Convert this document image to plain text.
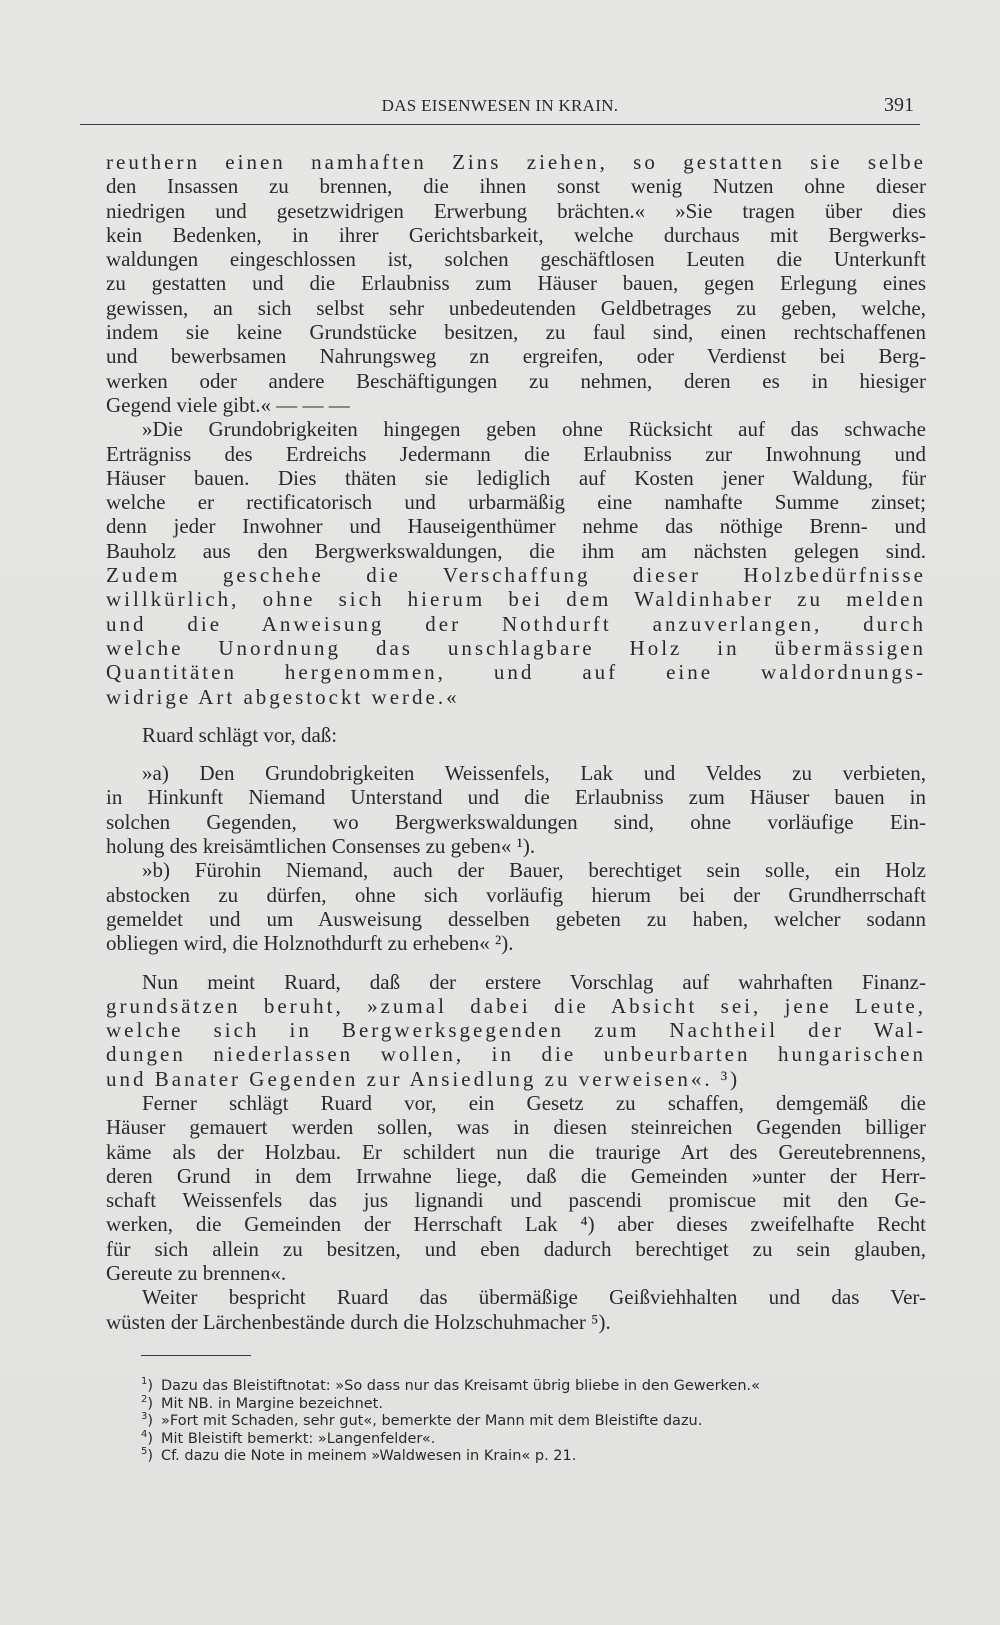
DAS EISENWESEN IN KRAIN.	391
reuthern einen namhaften Zins ziehen, so gestatten sie selbe
den Insassen zu brennen, die ihnen sonst wenig Nutzen ohne dieser
niedrigen und gesetzwidrigen Erwerbung brächten.« »Sie tragen über dies
kein Bedenken, in ihrer Gerichtsbarkeit, welche durchaus mit Bergwerks-
waldungen eingeschlossen ist, solchen geschäftlosen Leuten die Unterkunft
zu gestatten und die Erlaubniss zum Häuser bauen, gegen Erlegung eines
gewissen, an sich selbst sehr unbedeutenden Geldbetrages zu geben, welche,
indem sie keine Grundstücke besitzen, zu faul sind, einen rechtschaffenen
und bewerbsamen Nahrungsweg zn ergreifen, oder Verdienst bei Berg-
werken oder andere Beschäftigungen zu nehmen, deren es in hiesiger
Gegend viele gibt.« — — —
»Die Grundobrigkeiten hingegen geben ohne Rücksicht auf das schwache
Erträgniss des Erdreichs Jedermann die Erlaubniss zur Inwohnung und
Häuser bauen. Dies thäten sie lediglich auf Kosten jener Waldung, für
welche er rectificatorisch und urbarmäßig eine namhafte Summe zinset;
denn jeder Inwohner und Hauseigenthümer nehme das nöthige Brenn- und
Bauholz aus den Bergwerkswaldungen, die ihm am nächsten gelegen sind.
Zudem geschehe die Verschaffung dieser Holzbedürfnisse
willkürlich, ohne sich hierum bei dem Waldinhaber zu melden
und die Anweisung der Nothdurft anzuverlangen, durch
welche Unordnung das unschlagbare Holz in übermässigen
Quantitäten hergenommen, und auf eine waldordnungs-
widrige Art abgestockt werde.«
Ruard schlägt vor, daß:
»a) Den Grundobrigkeiten Weissenfels, Lak und Veldes zu verbieten,
in Hinkunft Niemand Unterstand und die Erlaubniss zum Häuser bauen in
solchen Gegenden, wo Bergwerkswaldungen sind, ohne vorläufige Ein-
holung des kreisämtlichen Consenses zu geben« ¹).
»b) Fürohin Niemand, auch der Bauer, berechtiget sein solle, ein Holz
abstocken zu dürfen, ohne sich vorläufig hierum bei der Grundherrschaft
gemeldet und um Ausweisung desselben gebeten zu haben, welcher sodann
obliegen wird, die Holznothdurft zu erheben« ²).
Nun meint Ruard, daß der erstere Vorschlag auf wahrhaften Finanz-
grundsätzen beruht, »zumal dabei die Absicht sei, jene Leute,
welche sich in Bergwerksgegenden zum Nachtheil der Wal-
dungen niederlassen wollen, in die unbeurbarten hungarischen
und Banater Gegenden zur Ansiedlung zu verweisen«. ³)
Ferner schlägt Ruard vor, ein Gesetz zu schaffen, demgemäß die
Häuser gemauert werden sollen, was in diesen steinreichen Gegenden billiger
käme als der Holzbau. Er schildert nun die traurige Art des Gereutebrennens,
deren Grund in dem Irrwahne liege, daß die Gemeinden »unter der Herr-
schaft Weissenfels das jus lignandi und pascendi promiscue mit den Ge-
werken, die Gemeinden der Herrschaft Lak ⁴) aber dieses zweifelhafte Recht
für sich allein zu besitzen, und eben dadurch berechtiget zu sein glauben,
Gereute zu brennen«.
Weiter bespricht Ruard das übermäßige Geißviehhalten und das Ver-
wüsten der Lärchenbestände durch die Holzschuhmacher ⁵).
$^1$) Dazu das Bleistiftnotat: »So dass nur das Kreisamt übrig bliebe in den Gewerken.«
$^2$) Mit NB. in Margine bezeichnet.
$^3$) »Fort mit Schaden, sehr gut«, bemerkte der Mann mit dem Bleistifte dazu.
$^4$) Mit Bleistift bemerkt: »Langenfelder«.
$^5$) Cf. dazu die Note in meinem »Waldwesen in Krain« p. 21.
